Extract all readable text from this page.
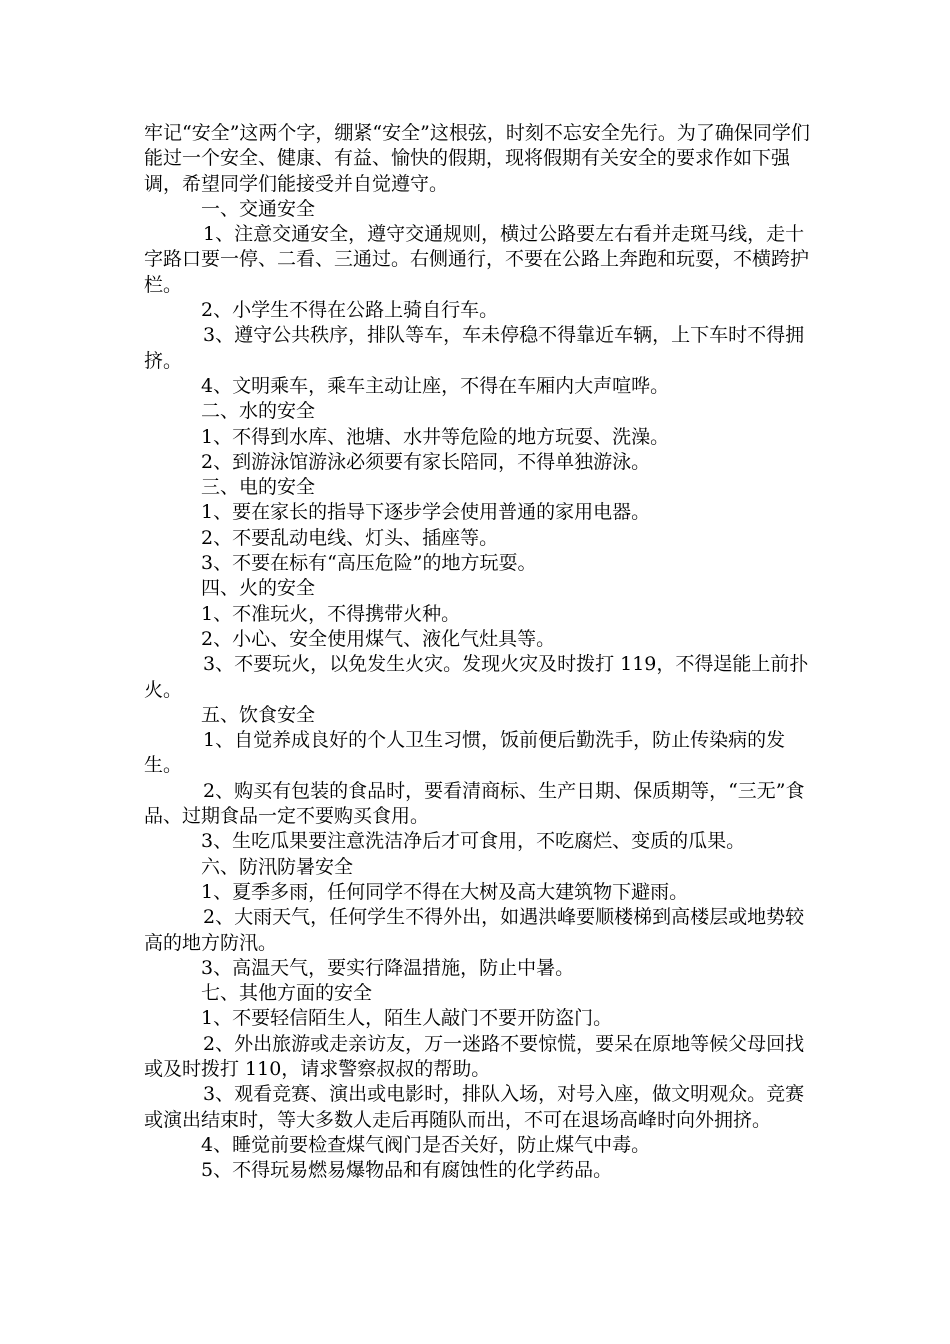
牢记“安全”这两个字，绷紧“安全”这根弦，时刻不忘安全先行。为了确保同学们能过一个安全、健康、有益、愉快的假期，现将假期有关安全的要求作如下强调，希望同学们能接受并自觉遵守。

一、交通安全

1、注意交通安全，遵守交通规则，横过公路要左右看并走斑马线，走十字路口要一停、二看、三通过。右侧通行，不要在公路上奔跑和玩耍，不横跨护栏。

2、小学生不得在公路上骑自行车。

3、遵守公共秩序，排队等车，车未停稳不得靠近车辆，上下车时不得拥挤。

4、文明乘车，乘车主动让座，不得在车厢内大声喧哗。

二、水的安全

1、不得到水库、池塘、水井等危险的地方玩耍、洗澡。

2、到游泳馆游泳必须要有家长陪同，不得单独游泳。

三、电的安全

1、要在家长的指导下逐步学会使用普通的家用电器。

2、不要乱动电线、灯头、插座等。

3、不要在标有“高压危险”的地方玩耍。

四、火的安全

1、不准玩火，不得携带火种。

2、小心、安全使用煤气、液化气灶具等。

3、不要玩火，以免发生火灾。发现火灾及时拨打 119，不得逞能上前扑火。

五、饮食安全

1、自觉养成良好的个人卫生习惯，饭前便后勤洗手，防止传染病的发生。

2、购买有包装的食品时，要看清商标、生产日期、保质期等，“三无”食品、过期食品一定不要购买食用。

3、生吃瓜果要注意洗洁净后才可食用，不吃腐烂、变质的瓜果。

六、防汛防暑安全

1、夏季多雨，任何同学不得在大树及高大建筑物下避雨。

2、大雨天气，任何学生不得外出，如遇洪峰要顺楼梯到高楼层或地势较高的地方防汛。

3、高温天气，要实行降温措施，防止中暑。

七、其他方面的安全

1、不要轻信陌生人，陌生人敲门不要开防盗门。

2、外出旅游或走亲访友，万一迷路不要惊慌，要呆在原地等候父母回找或及时拨打 110，请求警察叔叔的帮助。

3、观看竞赛、演出或电影时，排队入场，对号入座，做文明观众。竞赛或演出结束时，等大多数人走后再随队而出，不可在退场高峰时向外拥挤。

4、睡觉前要检查煤气阀门是否关好，防止煤气中毒。

5、不得玩易燃易爆物品和有腐蚀性的化学药品。
